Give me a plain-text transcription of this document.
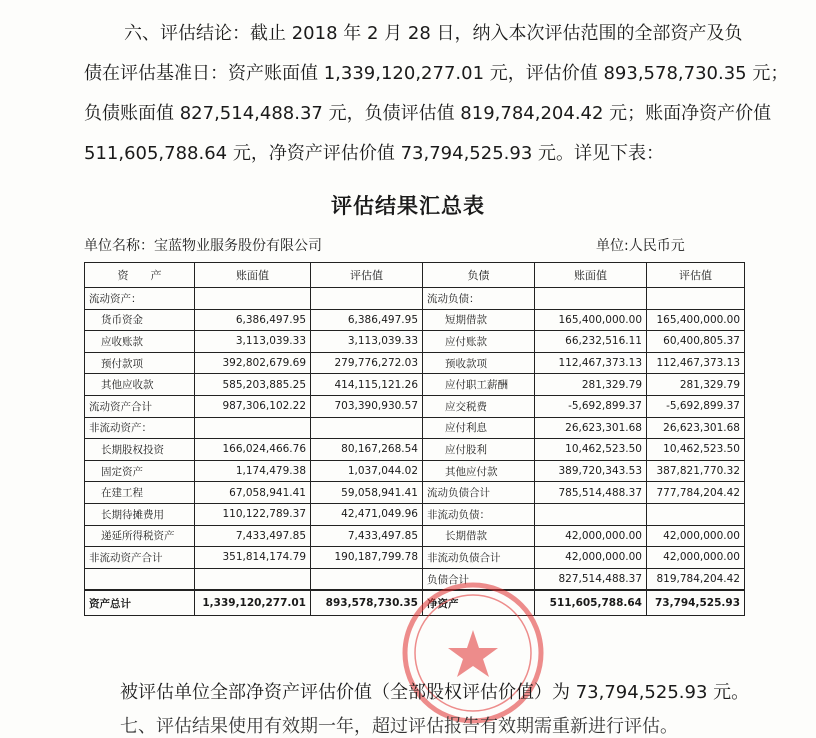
六、评估结论：截止 2018 年 2 月 28 日，纳入本次评估范围的全部资产及负
债在评估基准日：资产账面值 1,339,120,277.01 元，评估价值 893,578,730.35 元；
负债账面值 827,514,488.37 元，负债评估值 819,784,204.42 元；账面净资产价值
511,605,788.64 元，净资产评估价值 73,794,525.93 元。详见下表：
评估结果汇总表
单位名称：宝蓝物业服务股份有限公司	单位:人民币元
资　　产	账面值	评估值	负债	账面值	评估值
流动资产：			流动负债：		
货币资金	6,386,497.95	6,386,497.95	短期借款	165,400,000.00	165,400,000.00
应收账款	3,113,039.33	3,113,039.33	应付账款	66,232,516.11	60,400,805.37
预付款项	392,802,679.69	279,776,272.03	预收款项	112,467,373.13	112,467,373.13
其他应收款	585,203,885.25	414,115,121.26	应付职工薪酬	281,329.79	281,329.79
流动资产合计	987,306,102.22	703,390,930.57	应交税费	-5,692,899.37	-5,692,899.37
非流动资产：			应付利息	26,623,301.68	26,623,301.68
长期股权投资	166,024,466.76	80,167,268.54	应付股利	10,462,523.50	10,462,523.50
固定资产	1,174,479.38	1,037,044.02	其他应付款	389,720,343.53	387,821,770.32
在建工程	67,058,941.41	59,058,941.41	流动负债合计	785,514,488.37	777,784,204.42
长期待摊费用	110,122,789.37	42,471,049.96	非流动负债：		
递延所得税资产	7,433,497.85	7,433,497.85	长期借款	42,000,000.00	42,000,000.00
非流动资产合计	351,814,174.79	190,187,799.78	非流动负债合计	42,000,000.00	42,000,000.00
			负债合计	827,514,488.37	819,784,204.42
资产总计	1,339,120,277.01	893,578,730.35	净资产	511,605,788.64	73,794,525.93
被评估单位全部净资产评估价值（全部股权评估价值）为 73,794,525.93 元。
七、评估结果使用有效期一年，超过评估报告有效期需重新进行评估。
